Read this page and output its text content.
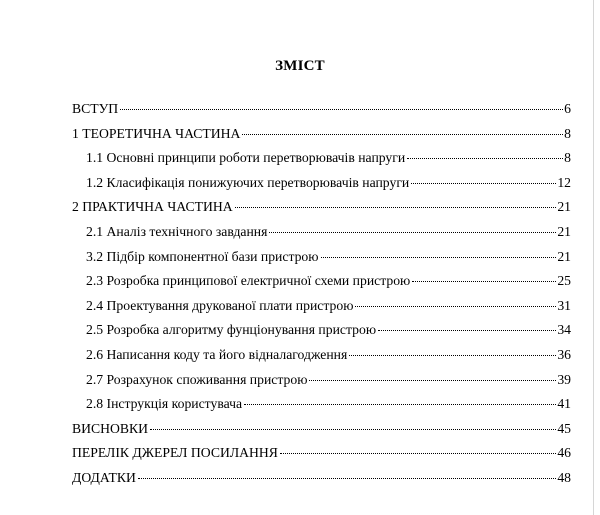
ЗМІСТ
ВСТУП	6
1 ТЕОРЕТИЧНА ЧАСТИНА	8
1.1 Основні принципи роботи перетворювачів напруги	8
1.2 Класифікація понижуючих перетворювачів напруги	12
2 ПРАКТИЧНА ЧАСТИНА	21
2.1 Аналіз технічного завдання	21
3.2 Підбір компонентної бази пристрою	21
2.3 Розробка принципової електричної схеми пристрою	25
2.4 Проектування друкованої плати пристрою	31
2.5 Розробка алгоритму фунціонування пристрою	34
2.6 Написання коду та його відналагодження	36
2.7 Розрахунок споживання пристрою	39
2.8 Інструкція користувача	41
ВИСНОВКИ	45
ПЕРЕЛІК ДЖЕРЕЛ ПОСИЛАННЯ	46
ДОДАТКИ	48
